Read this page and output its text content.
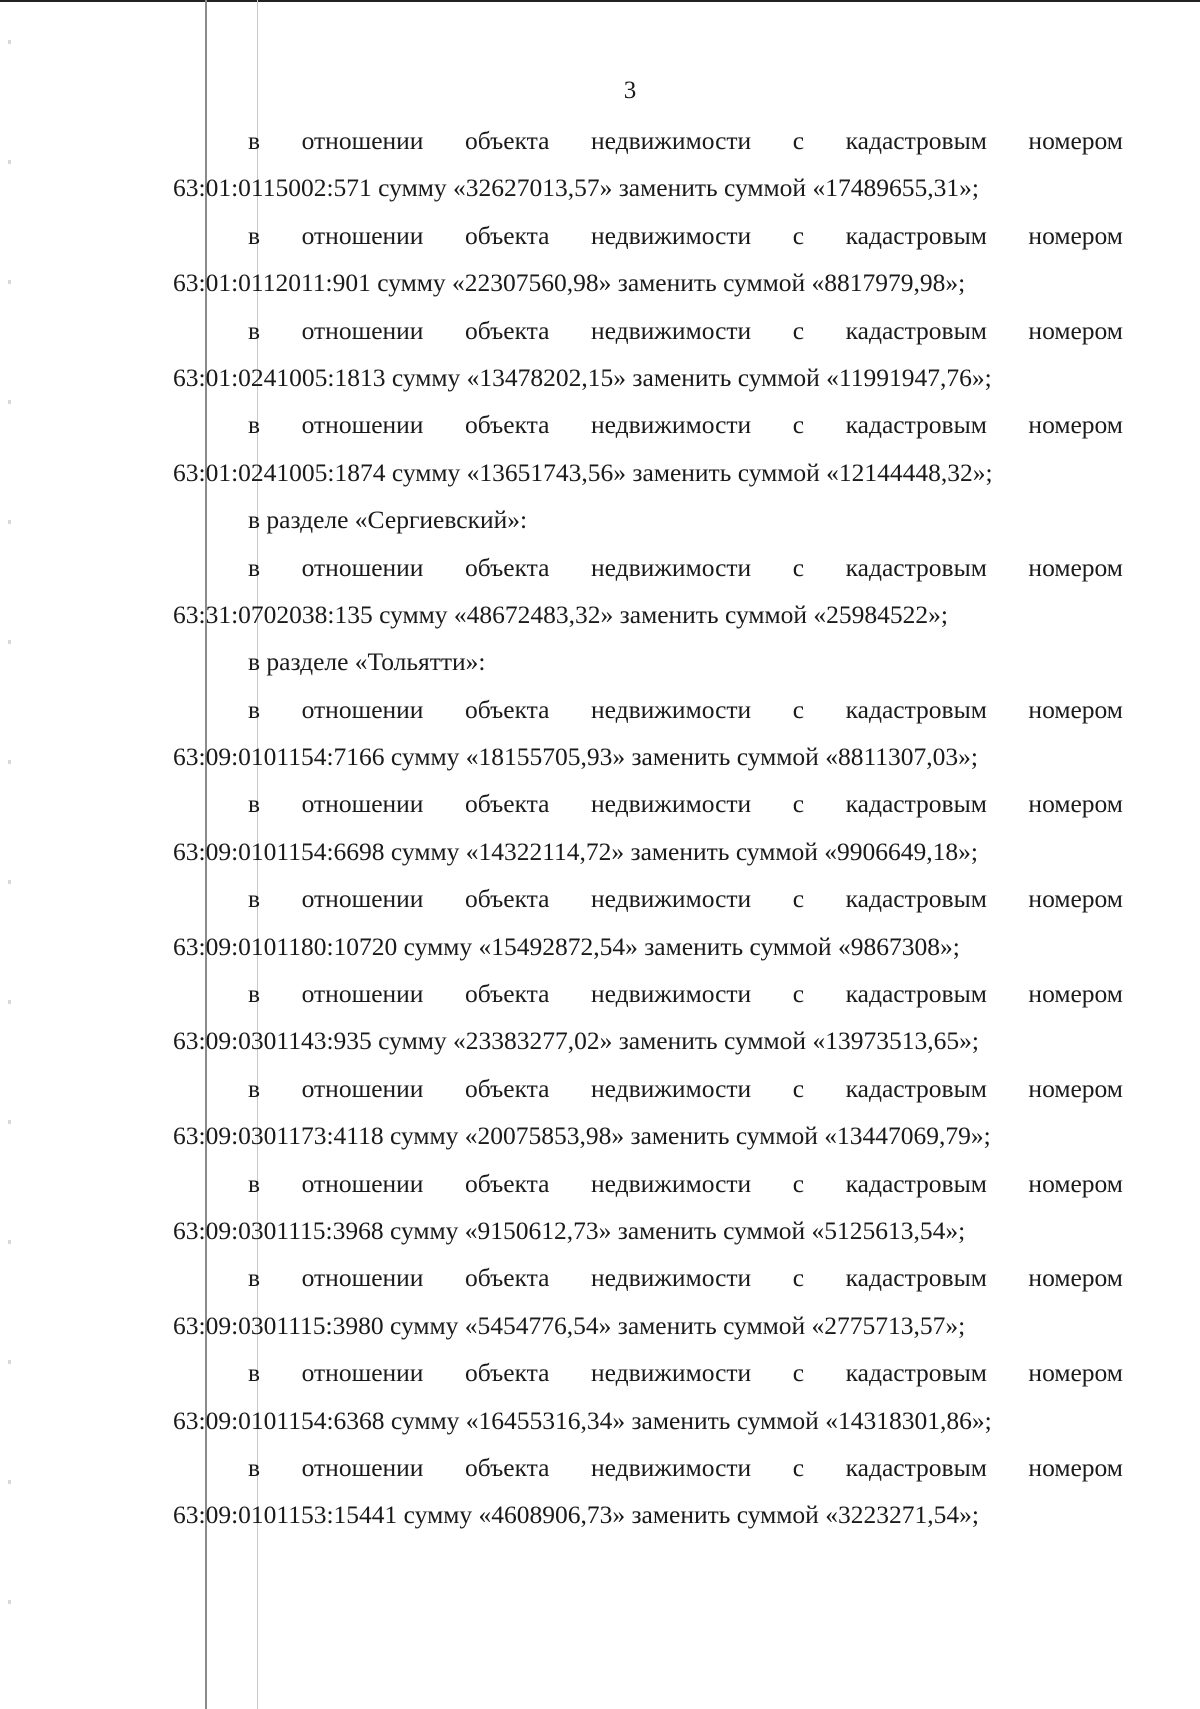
3
в отношении объекта недвижимости с кадастровым номером
63:01:0115002:571 сумму «32627013,57» заменить суммой «17489655,31»;
в отношении объекта недвижимости с кадастровым номером
63:01:0112011:901 сумму «22307560,98» заменить суммой «8817979,98»;
в отношении объекта недвижимости с кадастровым номером
63:01:0241005:1813 сумму «13478202,15» заменить суммой «11991947,76»;
в отношении объекта недвижимости с кадастровым номером
63:01:0241005:1874 сумму «13651743,56» заменить суммой «12144448,32»;
в разделе «Сергиевский»:
в отношении объекта недвижимости с кадастровым номером
63:31:0702038:135 сумму «48672483,32» заменить суммой «25984522»;
в разделе «Тольятти»:
в отношении объекта недвижимости с кадастровым номером
63:09:0101154:7166 сумму «18155705,93» заменить суммой «8811307,03»;
в отношении объекта недвижимости с кадастровым номером
63:09:0101154:6698 сумму «14322114,72» заменить суммой «9906649,18»;
в отношении объекта недвижимости с кадастровым номером
63:09:0101180:10720 сумму «15492872,54» заменить суммой «9867308»;
в отношении объекта недвижимости с кадастровым номером
63:09:0301143:935 сумму «23383277,02» заменить суммой «13973513,65»;
в отношении объекта недвижимости с кадастровым номером
63:09:0301173:4118 сумму «20075853,98» заменить суммой «13447069,79»;
в отношении объекта недвижимости с кадастровым номером
63:09:0301115:3968 сумму «9150612,73» заменить суммой «5125613,54»;
в отношении объекта недвижимости с кадастровым номером
63:09:0301115:3980 сумму «5454776,54» заменить суммой «2775713,57»;
в отношении объекта недвижимости с кадастровым номером
63:09:0101154:6368 сумму «16455316,34» заменить суммой «14318301,86»;
в отношении объекта недвижимости с кадастровым номером
63:09:0101153:15441 сумму «4608906,73» заменить суммой «3223271,54»;
